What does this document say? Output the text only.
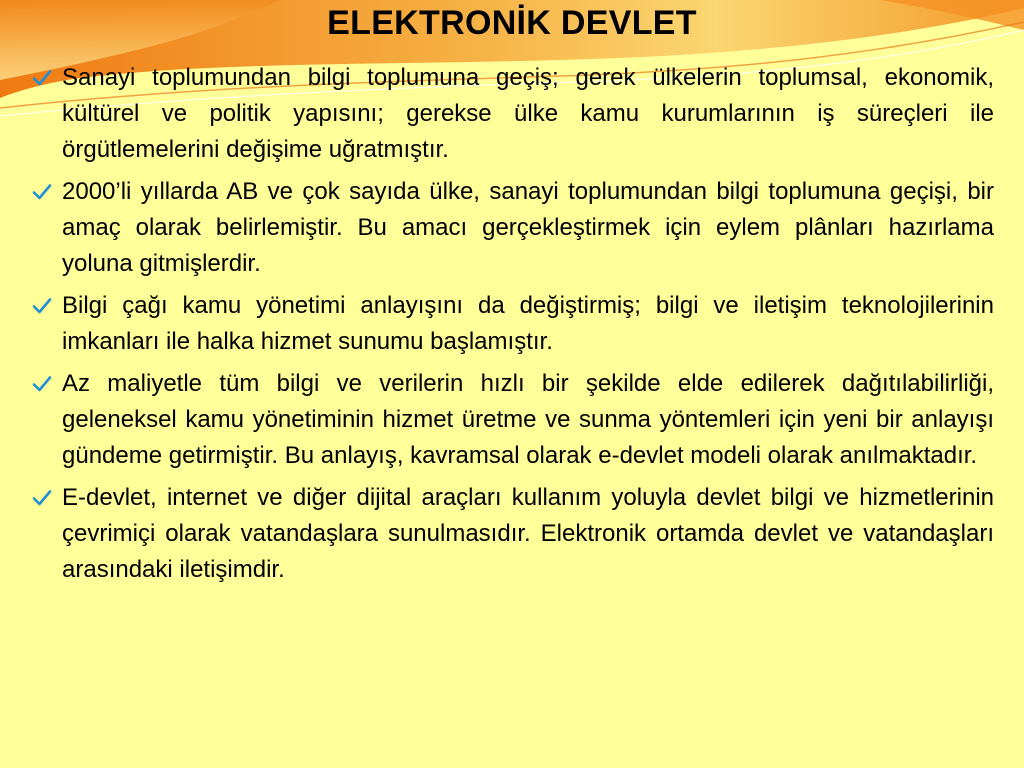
ELEKTRONİK DEVLET
Sanayi toplumundan bilgi toplumuna geçiş; gerek ülkelerin toplumsal, ekonomik, kültürel ve politik yapısını; gerekse ülke kamu kurumlarının iş süreçleri ile örgütlemelerini değişime uğratmıştır.
2000’li yıllarda AB ve çok sayıda ülke, sanayi toplumundan bilgi toplumuna geçişi, bir amaç olarak belirlemiştir. Bu amacı gerçekleştirmek için eylem plânları hazırlama yoluna gitmişlerdir.
Bilgi çağı kamu yönetimi anlayışını da değiştirmiş; bilgi ve iletişim teknolojilerinin imkanları ile halka hizmet sunumu başlamıştır.
Az maliyetle tüm bilgi ve verilerin hızlı bir şekilde elde edilerek dağıtılabilirliği, geleneksel kamu yönetiminin hizmet üretme ve sunma yöntemleri için yeni bir anlayışı gündeme getirmiştir. Bu anlayış, kavramsal olarak e-devlet modeli olarak anılmaktadır.
E-devlet, internet ve diğer dijital araçları kullanım yoluyla devlet bilgi ve hizmetlerinin çevrimiçi olarak vatandaşlara sunulmasıdır. Elektronik ortamda devlet ve vatandaşları arasındaki iletişimdir.
